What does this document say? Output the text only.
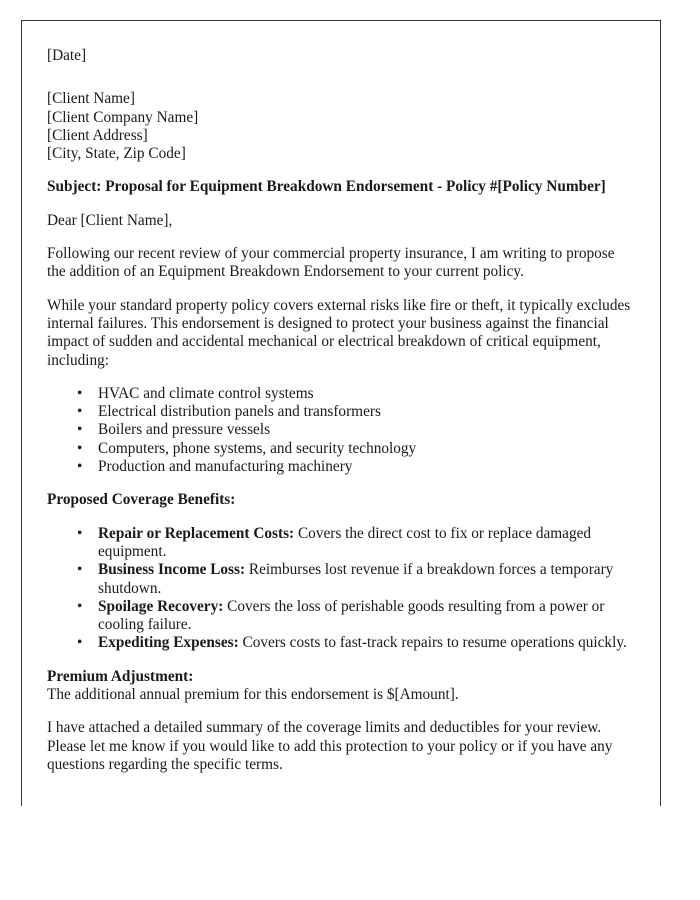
[Date]

[Client Name]

[Client Company Name]

[Client Address]

[City, State, Zip Code]

Subject: Proposal for Equipment Breakdown Endorsement - Policy #[Policy Number]

Dear [Client Name],

Following our recent review of your commercial property insurance, I am writing to propose the addition of an Equipment Breakdown Endorsement to your current policy.

While your standard property policy covers external risks like fire or theft, it typically excludes internal failures. This endorsement is designed to protect your business against the financial impact of sudden and accidental mechanical or electrical breakdown of critical equipment, including:

• HVAC and climate control systems
• Electrical distribution panels and transformers
• Boilers and pressure vessels
• Computers, phone systems, and security technology
• Production and manufacturing machinery

Proposed Coverage Benefits:

• Repair or Replacement Costs: Covers the direct cost to fix or replace damaged equipment.
• Business Income Loss: Reimburses lost revenue if a breakdown forces a temporary shutdown.
• Spoilage Recovery: Covers the loss of perishable goods resulting from a power or cooling failure.
• Expediting Expenses: Covers costs to fast-track repairs to resume operations quickly.

Premium Adjustment:

The additional annual premium for this endorsement is $[Amount].

I have attached a detailed summary of the coverage limits and deductibles for your review. Please let me know if you would like to add this protection to your policy or if you have any questions regarding the specific terms.
